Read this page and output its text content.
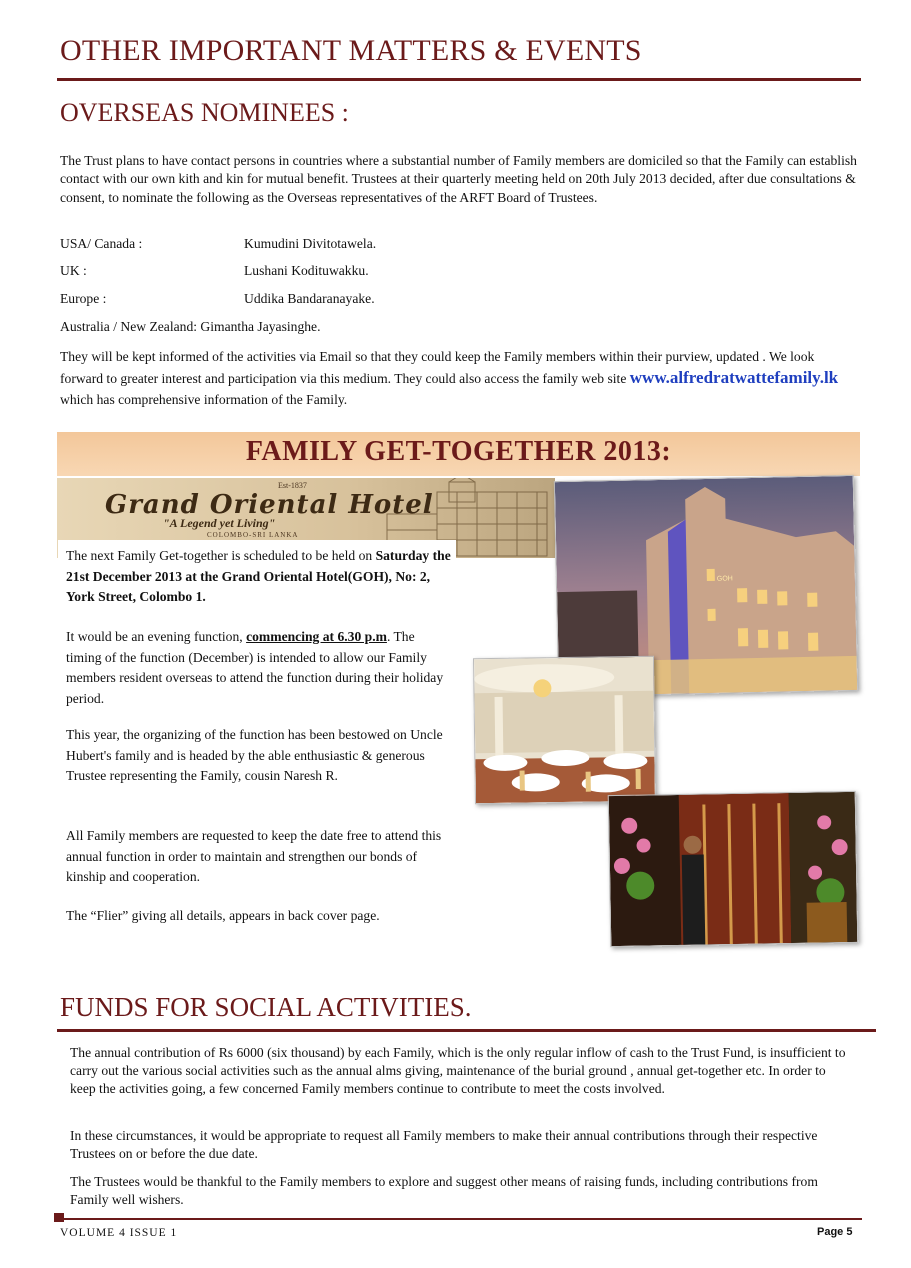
OTHER IMPORTANT MATTERS & EVENTS
OVERSEAS NOMINEES :
The Trust plans to have contact persons in countries where a substantial number of Family members are domiciled so that the Family can establish contact with our own kith and kin for mutual benefit. Trustees at their quarterly meeting held on 20th July 2013 decided, after due consultations & consent, to nominate the following as the Overseas representatives of the ARFT Board of Trustees.
USA/ Canada :	Kumudini Divitotawela.
UK :	Lushani Kodituwakku.
Europe :	Uddika Bandaranayake.
Australia / New Zealand: Gimantha Jayasinghe.
They will be kept informed of the activities via Email so that they could keep the Family members within their purview, updated . We look forward to greater interest and participation via this medium. They could also access the family web site www.alfredratwattefamily.lk which has comprehensive information of the Family.
FAMILY GET-TOGETHER 2013:
Est-1837
Grand Oriental Hotel
"A Legend yet Living"
COLOMBO-SRI LANKA
The next Family Get-together is scheduled to be held on Saturday the 21st December 2013 at the Grand Oriental Hotel(GOH), No: 2, York Street, Colombo 1.
It would be an evening function, commencing at 6.30 p.m. The timing of the function (December) is intended to allow our Family members resident overseas to attend the function during their holiday period.
This year, the organizing of the function has been bestowed on Uncle Hubert's family and is headed by the able enthusiastic & generous Trustee representing the Family, cousin Naresh R.
All Family members are requested to keep the date free to attend this annual function in order to maintain and strengthen our bonds of kinship and cooperation.
The “Flier” giving all details, appears in back cover page.
GOH
FUNDS FOR SOCIAL ACTIVITIES.
The annual contribution of Rs 6000 (six thousand) by each Family, which is the only regular inflow of cash to the Trust Fund, is insufficient to carry out the various social activities such as the annual alms giving, maintenance of the burial ground , annual get-together etc. In order to keep the activities going, a few concerned Family members continue to contribute to meet the costs involved.
In these circumstances, it would be appropriate to request all Family members to make their annual contributions through their respective Trustees on or before the due date.
The Trustees would be thankful to the Family members to explore and suggest other means of raising funds, including contributions from Family well wishers.
VOLUME 4 ISSUE 1	Page 5
